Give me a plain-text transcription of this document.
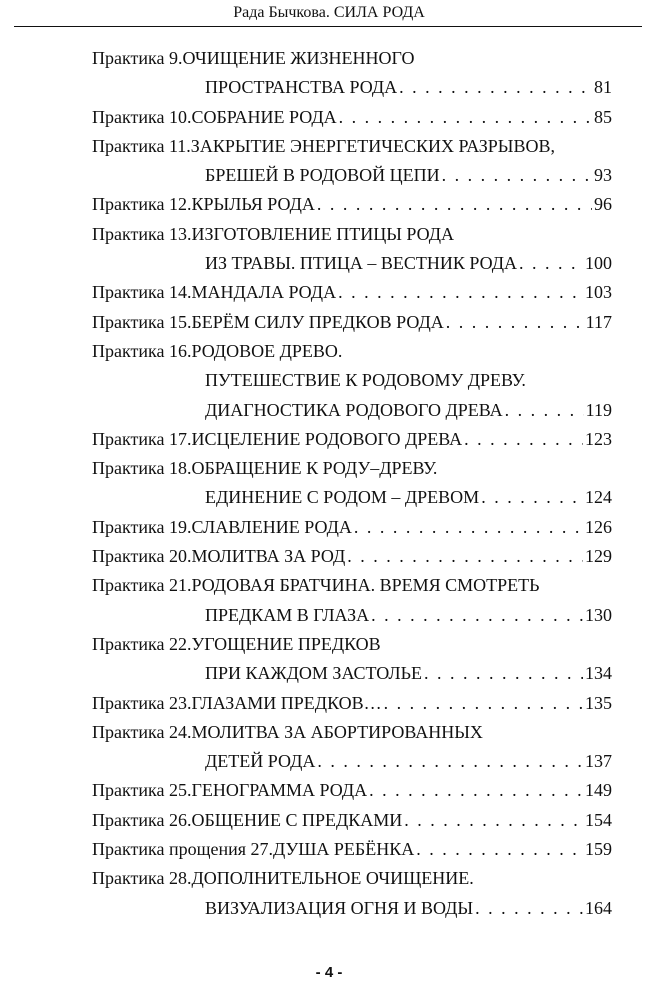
Рада Бычкова. СИЛА РОДА
Практика 9. ОЧИЩЕНИЕ ЖИЗНЕННОГО
ПРОСТРАНСТВА РОДА . . .	81
Практика 10. СОБРАНИЕ РОДА . . .	85
Практика 11. ЗАКРЫТИЕ ЭНЕРГЕТИЧЕСКИХ РАЗРЫВОВ,
БРЕШЕЙ В РОДОВОЙ ЦЕПИ . . .	93
Практика 12. КРЫЛЬЯ РОДА . . .	96
Практика 13. ИЗГОТОВЛЕНИЕ ПТИЦЫ РОДА
ИЗ ТРАВЫ. ПТИЦА – ВЕСТНИК РОДА . . .	100
Практика 14. МАНДАЛА РОДА . . .	103
Практика 15. БЕРЁМ СИЛУ ПРЕДКОВ РОДА . . .	117
Практика 16. РОДОВОЕ ДРЕВО.
ПУТЕШЕСТВИЕ К РОДОВОМУ ДРЕВУ.
ДИАГНОСТИКА РОДОВОГО ДРЕВА . . .	119
Практика 17. ИСЦЕЛЕНИЕ РОДОВОГО ДРЕВА . . .	123
Практика 18. ОБРАЩЕНИЕ К РОДУ–ДРЕВУ.
ЕДИНЕНИЕ С РОДОМ – ДРЕВОМ . . .	124
Практика 19. СЛАВЛЕНИЕ РОДА . . .	126
Практика 20. МОЛИТВА ЗА РОД . . .	129
Практика 21. РОДОВАЯ БРАТЧИНА. ВРЕМЯ СМОТРЕТЬ
ПРЕДКАМ В ГЛАЗА . . .	130
Практика 22. УГОЩЕНИЕ ПРЕДКОВ
ПРИ КАЖДОМ ЗАСТОЛЬЕ . . .	134
Практика 23. ГЛАЗАМИ ПРЕДКОВ… . . .	135
Практика 24. МОЛИТВА ЗА АБОРТИРОВАННЫХ
ДЕТЕЙ РОДА . . .	137
Практика 25. ГЕНОГРАММА РОДА . . .	149
Практика 26. ОБЩЕНИЕ С ПРЕДКАМИ . . .	154
Практика прощения 27. ДУША РЕБЁНКА . . .	159
Практика 28. ДОПОЛНИТЕЛЬНОЕ ОЧИЩЕНИЕ.
ВИЗУАЛИЗАЦИЯ ОГНЯ И ВОДЫ . . .	164
- 4 -
